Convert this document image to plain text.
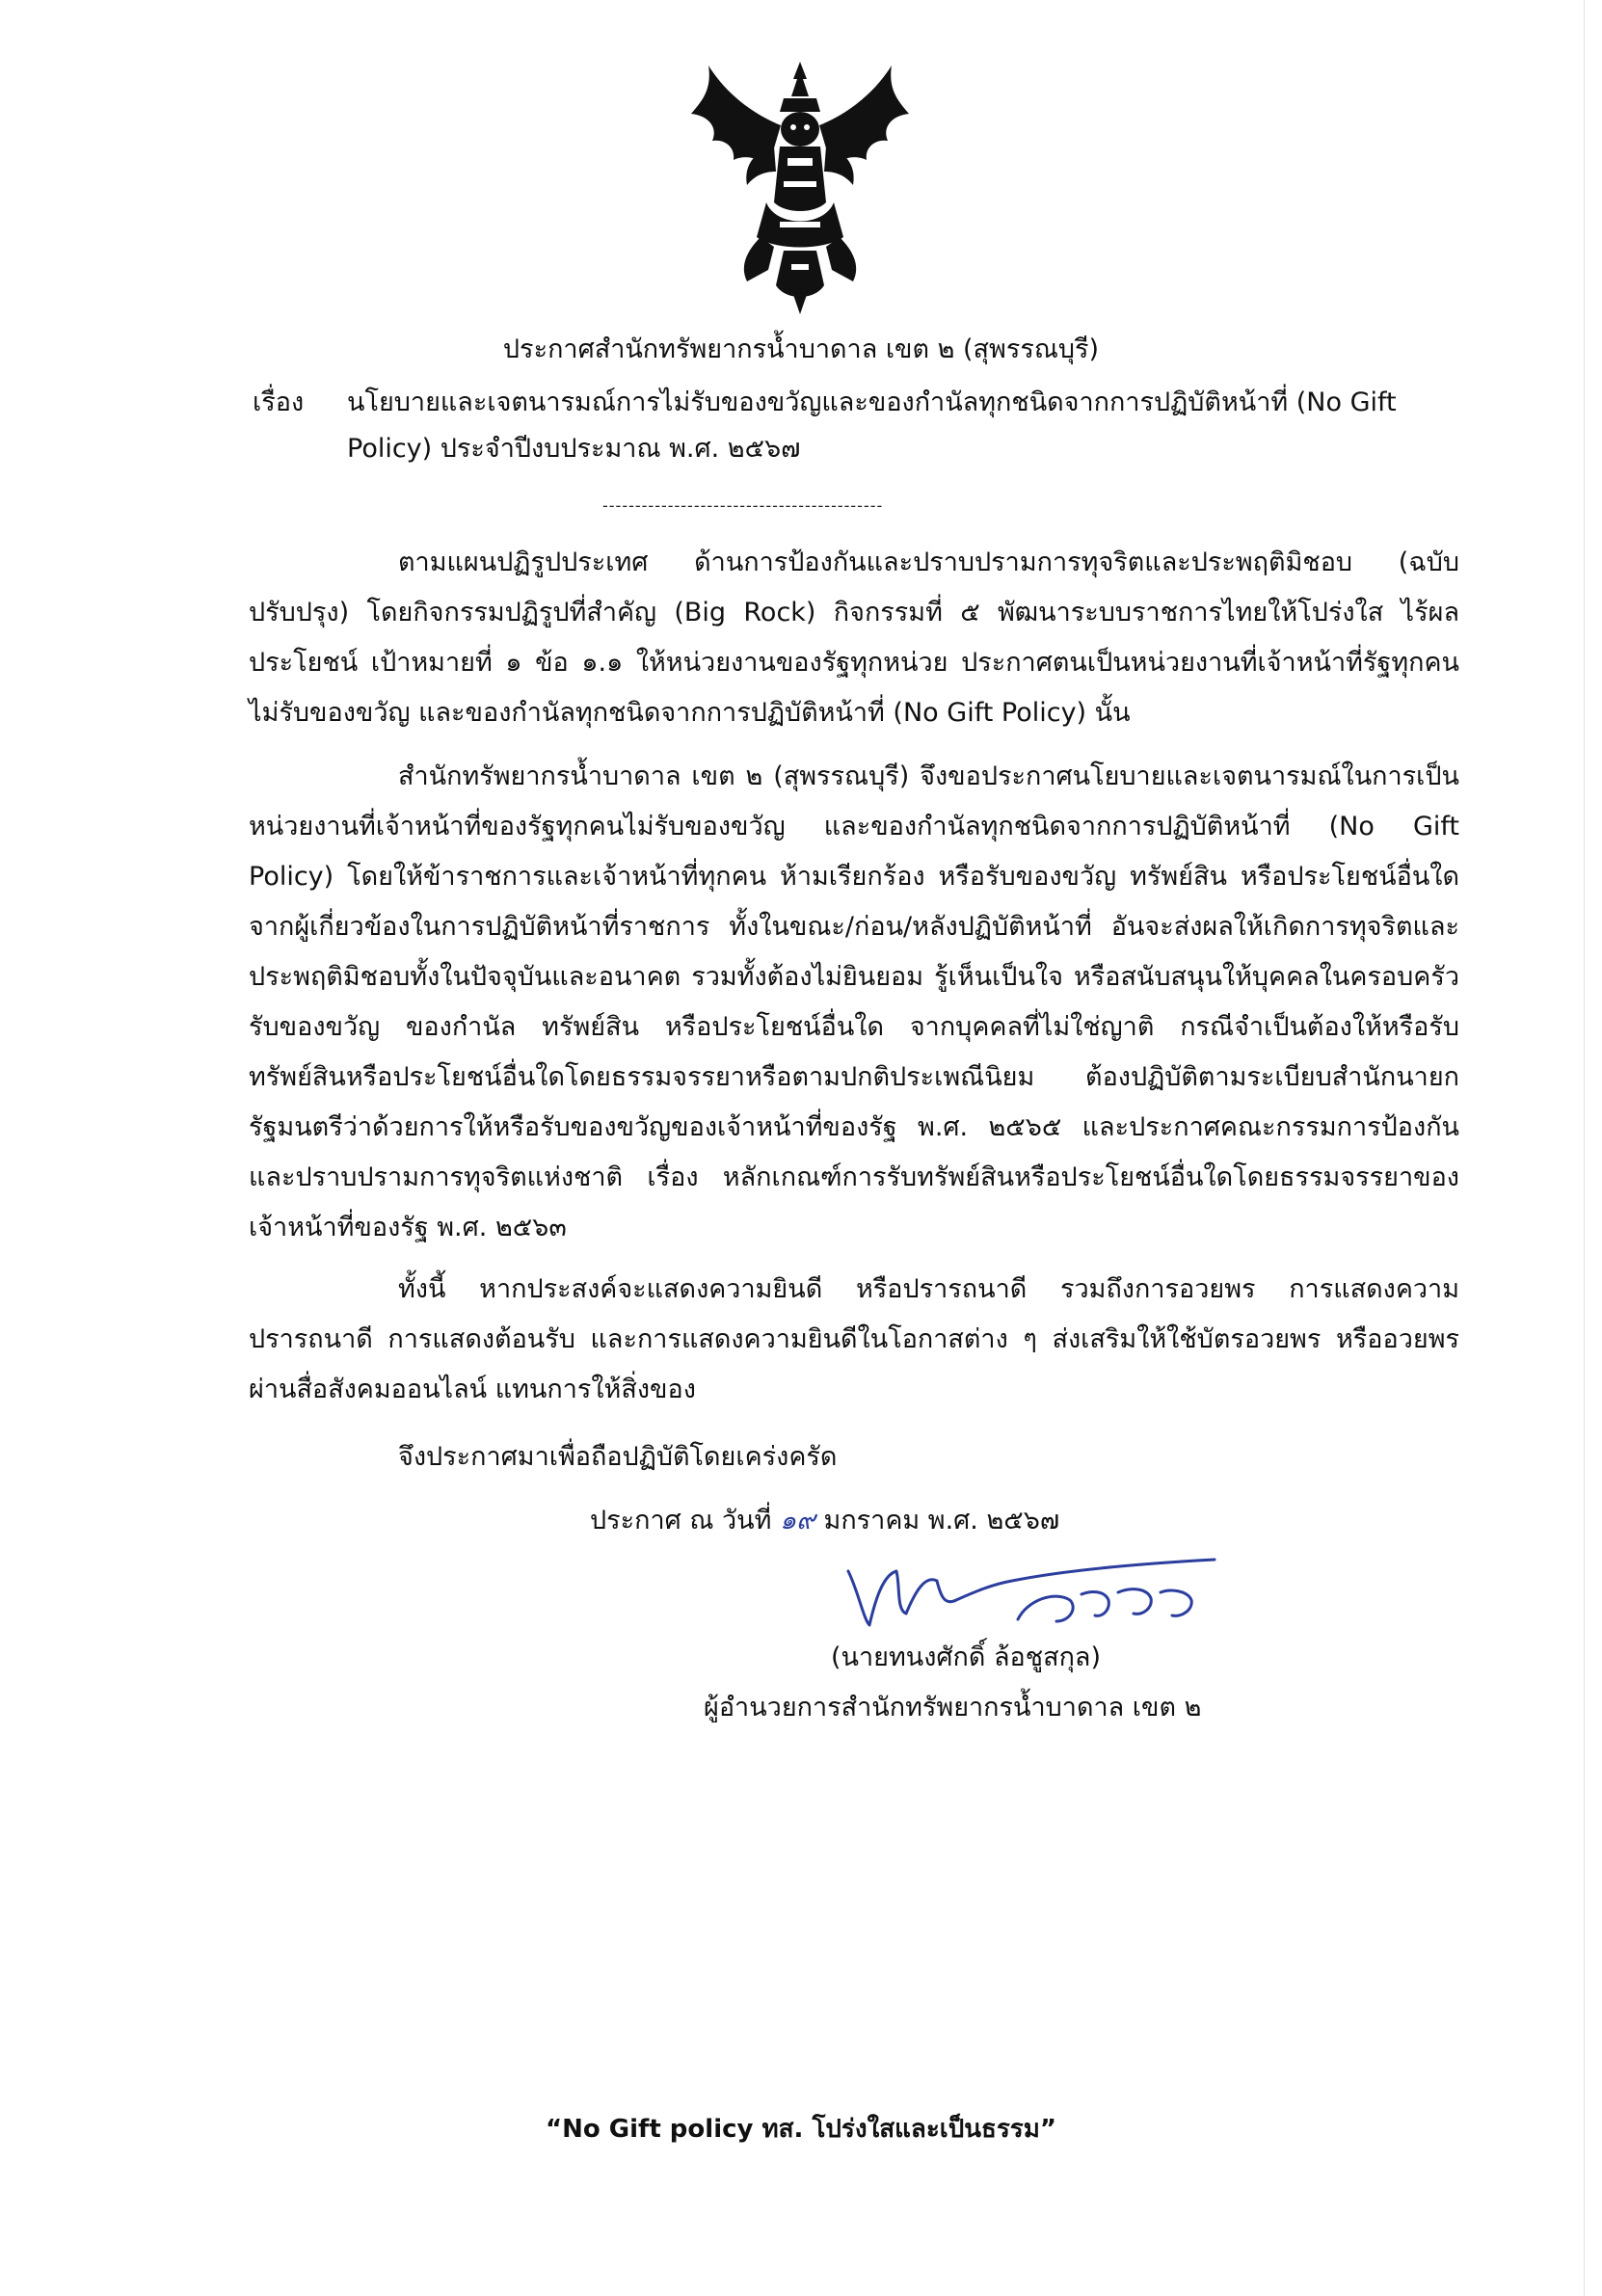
ประกาศสำนักทรัพยากรน้ำบาดาล เขต ๒ (สุพรรณบุรี)
เรื่อง นโยบายและเจตนารมณ์การไม่รับของขวัญและของกำนัลทุกชนิดจากการปฏิบัติหน้าที่ (No Gift Policy) ประจำปีงบประมาณ พ.ศ. ๒๕๖๗
-------------------------------------------

ตามแผนปฏิรูปประเทศ ด้านการป้องกันและปราบปรามการทุจริตและประพฤติมิชอบ (ฉบับปรับปรุง) โดยกิจกรรมปฏิรูปที่สำคัญ (Big Rock) กิจกรรมที่ ๕ พัฒนาระบบราชการไทยให้โปร่งใส ไร้ผลประโยชน์ เป้าหมายที่ ๑ ข้อ ๑.๑ ให้หน่วยงานของรัฐทุกหน่วย ประกาศตนเป็นหน่วยงานที่เจ้าหน้าที่รัฐทุกคนไม่รับของขวัญ และของกำนัลทุกชนิดจากการปฏิบัติหน้าที่ (No Gift Policy) นั้น

สำนักทรัพยากรน้ำบาดาล เขต ๒ (สุพรรณบุรี) จึงขอประกาศนโยบายและเจตนารมณ์ในการเป็นหน่วยงานที่เจ้าหน้าที่ของรัฐทุกคนไม่รับของขวัญ และของกำนัลทุกชนิดจากการปฏิบัติหน้าที่ (No Gift Policy) โดยให้ข้าราชการและเจ้าหน้าที่ทุกคน ห้ามเรียกร้อง หรือรับของขวัญ ทรัพย์สิน หรือประโยชน์อื่นใดจากผู้เกี่ยวข้องในการปฏิบัติหน้าที่ราชการ ทั้งในขณะ/ก่อน/หลังปฏิบัติหน้าที่ อันจะส่งผลให้เกิดการทุจริตและประพฤติมิชอบทั้งในปัจจุบันและอนาคต รวมทั้งต้องไม่ยินยอม รู้เห็นเป็นใจ หรือสนับสนุนให้บุคคลในครอบครัวรับของขวัญ ของกำนัล ทรัพย์สิน หรือประโยชน์อื่นใด จากบุคคลที่ไม่ใช่ญาติ กรณีจำเป็นต้องให้หรือรับทรัพย์สินหรือประโยชน์อื่นใดโดยธรรมจรรยาหรือตามปกติประเพณีนิยม ต้องปฏิบัติตามระเบียบสำนักนายกรัฐมนตรีว่าด้วยการให้หรือรับของขวัญของเจ้าหน้าที่ของรัฐ พ.ศ. ๒๕๖๕ และประกาศคณะกรรมการป้องกันและปราบปรามการทุจริตแห่งชาติ เรื่อง หลักเกณฑ์การรับทรัพย์สินหรือประโยชน์อื่นใดโดยธรรมจรรยาของเจ้าหน้าที่ของรัฐ พ.ศ. ๒๕๖๓

ทั้งนี้ หากประสงค์จะแสดงความยินดี หรือปรารถนาดี รวมถึงการอวยพร การแสดงความปรารถนาดี การแสดงต้อนรับ และการแสดงความยินดีในโอกาสต่าง ๆ ส่งเสริมให้ใช้บัตรอวยพร หรืออวยพรผ่านสื่อสังคมออนไลน์ แทนการให้สิ่งของ

จึงประกาศมาเพื่อถือปฏิบัติโดยเคร่งครัด
ประกาศ ณ วันที่ ๑๙ มกราคม พ.ศ. ๒๕๖๗
(นายทนงศักดิ์ ล้อชูสกุล)
ผู้อำนวยการสำนักทรัพยากรน้ำบาดาล เขต ๒
“No Gift policy ทส. โปร่งใสและเป็นธรรม”
